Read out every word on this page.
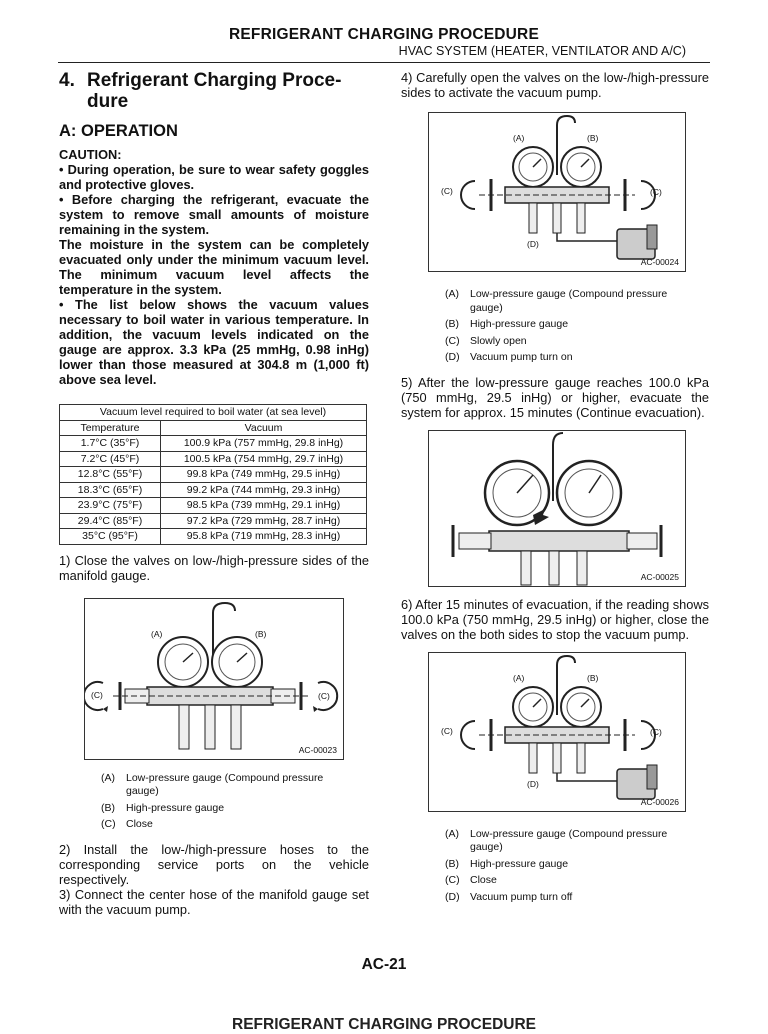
REFRIGERANT CHARGING PROCEDURE
HVAC SYSTEM (HEATER, VENTILATOR AND A/C)
4. Refrigerant Charging Proce-dure
A: OPERATION
CAUTION:
• During operation, be sure to wear safety goggles and protective gloves.
• Before charging the refrigerant, evacuate the system to remove small amounts of moisture remaining in the system.
The moisture in the system can be completely evacuated only under the minimum vacuum level. The minimum vacuum level affects the temperature in the system.
• The list below shows the vacuum values necessary to boil water in various temperature. In addition, the vacuum levels indicated on the gauge are approx. 3.3 kPa (25 mmHg, 0.98 inHg) lower than those measured at 304.8 m (1,000 ft) above sea level.
Vacuum level required to boil water (at sea level)	
Temperature	Vacuum
1.7°C (35°F)	100.9 kPa (757 mmHg, 29.8 inHg)
7.2°C (45°F)	100.5 kPa (754 mmHg, 29.7 inHg)
12.8°C (55°F)	99.8 kPa (749 mmHg, 29.5 inHg)
18.3°C (65°F)	99.2 kPa (744 mmHg, 29.3 inHg)
23.9°C (75°F)	98.5 kPa (739 mmHg, 29.1 inHg)
29.4°C (85°F)	97.2 kPa (729 mmHg, 28.7 inHg)
35°C (95°F)	95.8 kPa (719 mmHg, 28.3 inHg)
1) Close the valves on low-/high-pressure sides of the manifold gauge.
(A)	(B)
(C)	(C)
AC-00023
(A)	Low-pressure gauge (Compound pressure gauge)
(B)	High-pressure gauge
(C) Close
2) Install the low-/high-pressure hoses to the corresponding service ports on the vehicle respectively.
3) Connect the center hose of the manifold gauge set with the vacuum pump.
4) Carefully open the valves on the low-/high-pressure sides to activate the vacuum pump.
(A)	(B)
(C)	(C)
(D)
AC-00024
(A)	Low-pressure gauge (Compound pressure gauge)
(B)	High-pressure gauge
(C) Slowly open
(D) Vacuum pump turn on
5) After the low-pressure gauge reaches 100.0 kPa (750 mmHg, 29.5 inHg) or higher, evacuate the system for approx. 15 minutes (Continue evacuation).
AC-00025
6) After 15 minutes of evacuation, if the reading shows 100.0 kPa (750 mmHg, 29.5 inHg) or higher, close the valves on the both sides to stop the vacuum pump.
(A)	(B)
(C)	(C)
(D)
AC-00026
(A)	Low-pressure gauge (Compound pressure gauge)
(B)	High-pressure gauge
(C) Close
(D) Vacuum pump turn off
AC-21
REFRIGERANT CHARGING PROCEDURE
